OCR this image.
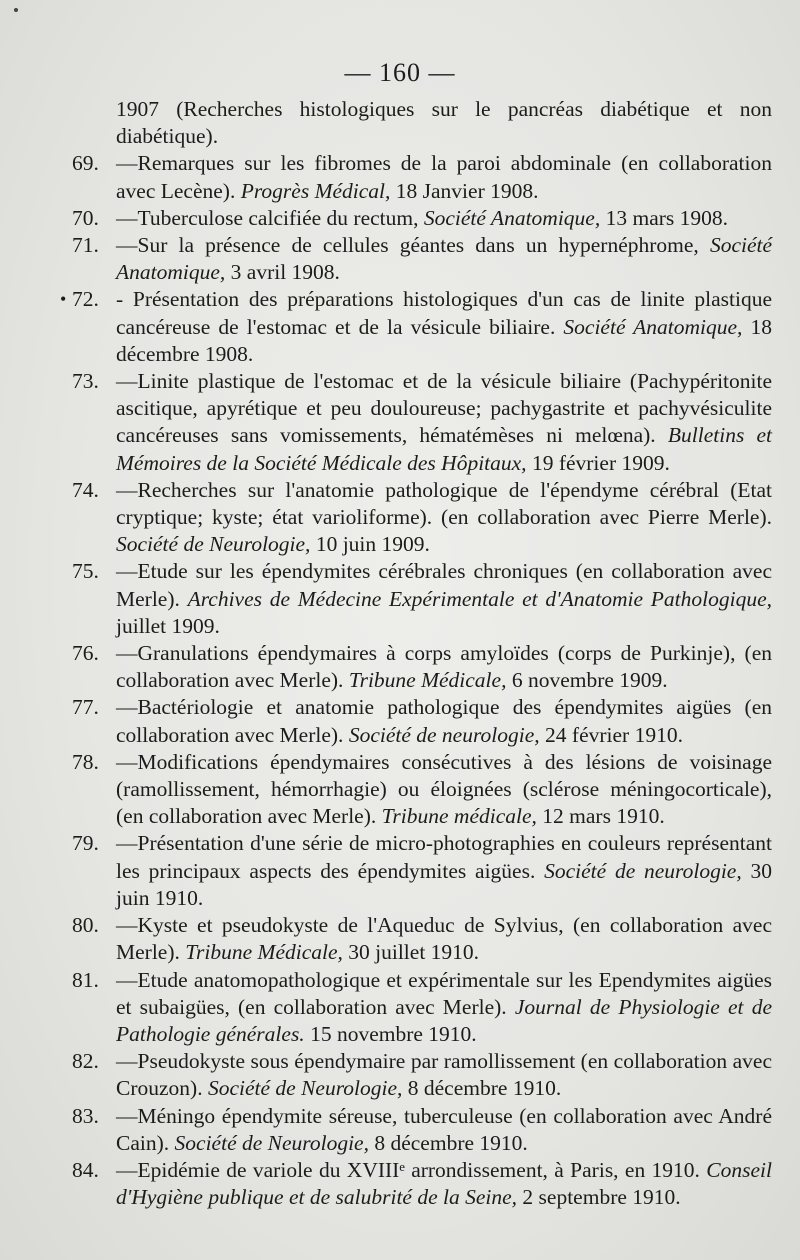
— 160 —
1907 (Recherches histologiques sur le pancréas diabétique et non diabétique).
69. —Remarques sur les fibromes de la paroi abdominale (en collaboration avec Lecène). Progrès Médical, 18 Janvier 1908.
70. —Tuberculose calcifiée du rectum, Société Anatomique, 13 mars 1908.
71. —Sur la présence de cellules géantes dans un hypernéphrome, Société Anatomique, 3 avril 1908.
• 72. - Présentation des préparations histologiques d'un cas de linite plastique cancéreuse de l'estomac et de la vésicule biliaire. Société Anatomique, 18 décembre 1908.
73. —Linite plastique de l'estomac et de la vésicule biliaire (Pachypéritonite ascitique, apyrétique et peu douloureuse; pachygastrite et pachyvésiculite cancéreuses sans vomissements, hématémèses ni melœna). Bulletins et Mémoires de la Société Médicale des Hôpitaux, 19 février 1909.
74. —Recherches sur l'anatomie pathologique de l'épendyme cérébral (Etat cryptique; kyste; état varioliforme). (en collaboration avec Pierre Merle). Société de Neurologie, 10 juin 1909.
75. —Etude sur les épendymites cérébrales chroniques (en collaboration avec Merle). Archives de Médecine Expérimentale et d'Anatomie Pathologique, juillet 1909.
76. —Granulations épendymaires à corps amyloïdes (corps de Purkinje), (en collaboration avec Merle). Tribune Médicale, 6 novembre 1909.
77. —Bactériologie et anatomie pathologique des épendymites aigües (en collaboration avec Merle). Société de neurologie, 24 février 1910.
78. —Modifications épendymaires consécutives à des lésions de voisinage (ramollissement, hémorrhagie) ou éloignées (sclérose méningocorticale), (en collaboration avec Merle). Tribune médicale, 12 mars 1910.
79. —Présentation d'une série de micro-photographies en couleurs représentant les principaux aspects des épendymites aigües. Société de neurologie, 30 juin 1910.
80. —Kyste et pseudokyste de l'Aqueduc de Sylvius, (en collaboration avec Merle). Tribune Médicale, 30 juillet 1910.
81. —Etude anatomopathologique et expérimentale sur les Ependymites aigües et subaigües, (en collaboration avec Merle). Journal de Physiologie et de Pathologie générales. 15 novembre 1910.
82. —Pseudokyste sous épendymaire par ramollissement (en collaboration avec Crouzon). Société de Neurologie, 8 décembre 1910.
83. —Méningo épendymite séreuse, tuberculeuse (en collaboration avec André Cain). Société de Neurologie, 8 décembre 1910.
84. —Epidémie de variole du XVIIIᵉ arrondissement, à Paris, en 1910. Conseil d'Hygiène publique et de salubrité de la Seine, 2 septembre 1910.
